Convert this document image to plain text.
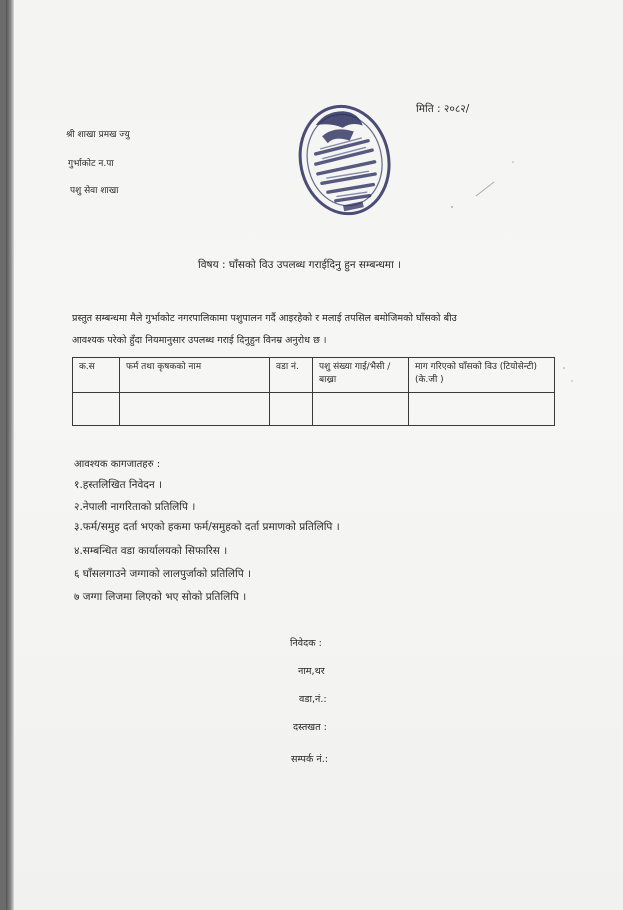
मिति : २०८२/
श्री शाखा प्रमख ज्यु
गुर्भाकोट न.पा
पशु सेवा शाखा
विषय : घाँसको विउ उपलब्ध गराईदिनु हुन सम्बन्धमा ।
प्रस्तुत सम्बन्धमा मैले गुर्भाकोट नगरपालिकामा पशुपालन गर्दै आइरहेको र मलाई तपसिल बमोजिमको घाँसको बीउ
आवश्यक परेको हुँदा नियमानुसार उपलब्ध गराई दिनुहुन विनम्र अनुरोध छ ।
क.स	फर्म तथा कृषकको नाम	वडा नं.	पशु संख्या गाई/भैसी /बाख्रा	माग गरिएको घाँसको विउ (टियोसेन्टी) (के.जी )

आवश्यक कागजातहरु :
१.हस्तलिखित निवेदन ।
२.नेपाली नागरिताको प्रतिलिपि ।
३.फर्म/समुह दर्ता भएको हकमा फर्म/समुहको दर्ता प्रमाणको प्रतिलिपि ।
४.सम्बन्धित वडा कार्यालयको सिफारिस ।
६ घाँसलगाउने जग्गाको लालपुर्जाको प्रतिलिपि ।
७ जग्गा लिजमा लिएको भए सोको प्रतिलिपि ।
निवेदक :
नाम,थर
वडा,नं.:
दस्तखत :
सम्पर्क नं.:
